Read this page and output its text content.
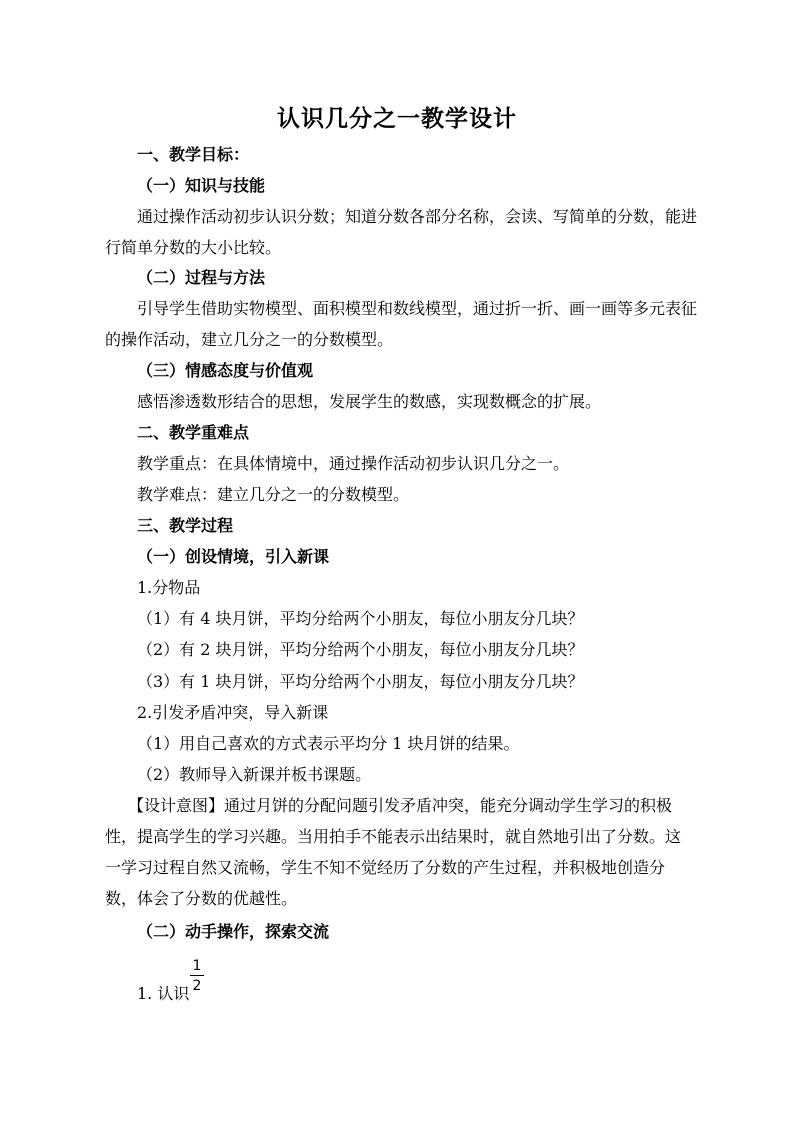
认识几分之一教学设计
一、教学目标：
（一）知识与技能
通过操作活动初步认识分数；知道分数各部分名称，会读、写简单的分数，能进
行简单分数的大小比较。
（二）过程与方法
引导学生借助实物模型、面积模型和数线模型，通过折一折、画一画等多元表征
的操作活动，建立几分之一的分数模型。
（三）情感态度与价值观
感悟渗透数形结合的思想，发展学生的数感，实现数概念的扩展。
二、教学重难点
教学重点：在具体情境中，通过操作活动初步认识几分之一。
教学难点：建立几分之一的分数模型。
三、教学过程
（一）创设情境，引入新课
1.分物品
（1）有 4 块月饼，平均分给两个小朋友，每位小朋友分几块？
（2）有 2 块月饼，平均分给两个小朋友，每位小朋友分几块？
（3）有 1 块月饼，平均分给两个小朋友，每位小朋友分几块？
2.引发矛盾冲突，导入新课
（1）用自己喜欢的方式表示平均分 1 块月饼的结果。
（2）教师导入新课并板书课题。
【设计意图】通过月饼的分配问题引发矛盾冲突，能充分调动学生学习的积极
性，提高学生的学习兴趣。当用拍手不能表示出结果时，就自然地引出了分数。这
一学习过程自然又流畅，学生不知不觉经历了分数的产生过程，并积极地创造分
数，体会了分数的优越性。
（二）动手操作，探索交流
1. 认识
1
2
